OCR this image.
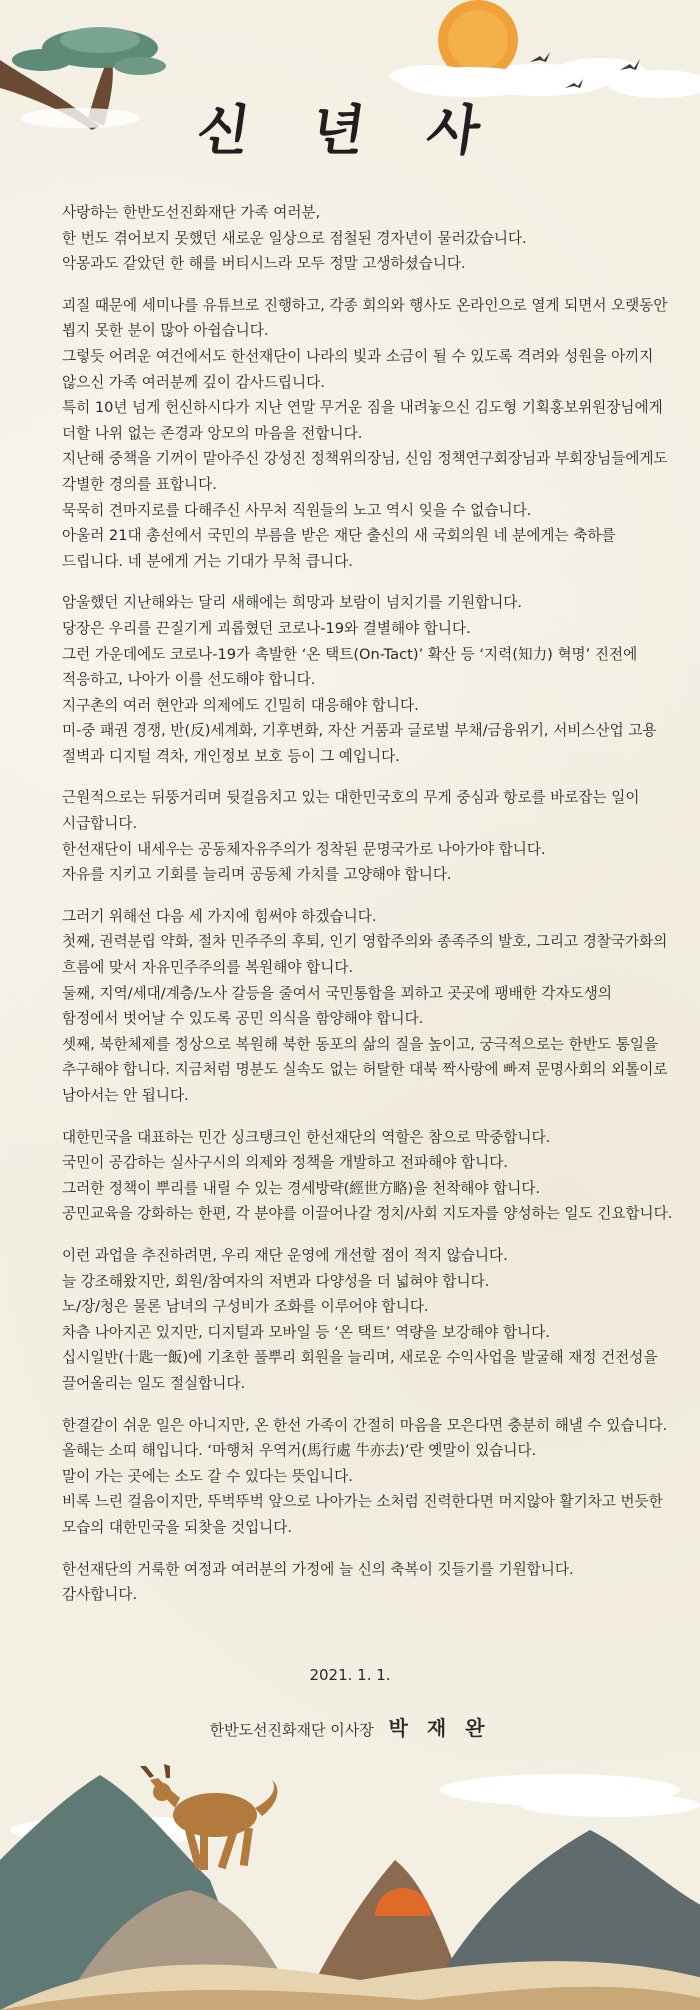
신 년 사

사랑하는 한반도선진화재단 가족 여러분,
한 번도 겪어보지 못했던 새로운 일상으로 점철된 경자년이 물러갔습니다.
악몽과도 같았던 한 해를 버티시느라 모두 정말 고생하셨습니다.

괴질 때문에 세미나를 유튜브로 진행하고, 각종 회의와 행사도 온라인으로 열게 되면서 오랫동안
뵙지 못한 분이 많아 아쉽습니다.
그렇듯 어려운 여건에서도 한선재단이 나라의 빛과 소금이 될 수 있도록 격려와 성원을 아끼지
않으신 가족 여러분께 깊이 감사드립니다.
특히 10년 넘게 헌신하시다가 지난 연말 무거운 짐을 내려놓으신 김도형 기획홍보위원장님에게
더할 나위 없는 존경과 앙모의 마음을 전합니다.
지난해 중책을 기꺼이 맡아주신 강성진 정책위의장님, 신임 정책연구회장님과 부회장님들에게도
각별한 경의를 표합니다.
묵묵히 견마지로를 다해주신 사무처 직원들의 노고 역시 잊을 수 없습니다.
아울러 21대 총선에서 국민의 부름을 받은 재단 출신의 새 국회의원 네 분에게는 축하를
드립니다. 네 분에게 거는 기대가 무척 큽니다.

암울했던 지난해와는 달리 새해에는 희망과 보람이 넘치기를 기원합니다.
당장은 우리를 끈질기게 괴롭혔던 코로나-19와 결별해야 합니다.
그런 가운데에도 코로나-19가 촉발한 ‘온 택트(On-Tact)’ 확산 등 ‘지력(知力) 혁명’ 진전에
적응하고, 나아가 이를 선도해야 합니다.
지구촌의 여러 현안과 의제에도 긴밀히 대응해야 합니다.
미-중 패권 경쟁, 반(反)세계화, 기후변화, 자산 거품과 글로벌 부채/금융위기, 서비스산업 고용
절벽과 디지털 격차, 개인정보 보호 등이 그 예입니다.

근원적으로는 뒤뚱거리며 뒷걸음치고 있는 대한민국호의 무게 중심과 항로를 바로잡는 일이
시급합니다.
한선재단이 내세우는 공동체자유주의가 정착된 문명국가로 나아가야 합니다.
자유를 지키고 기회를 늘리며 공동체 가치를 고양해야 합니다.

그러기 위해선 다음 세 가지에 힘써야 하겠습니다.
첫째, 권력분립 약화, 절차 민주주의 후퇴, 인기 영합주의와 종족주의 발호, 그리고 경찰국가화의
흐름에 맞서 자유민주주의를 복원해야 합니다.
둘째, 지역/세대/계층/노사 갈등을 줄여서 국민통합을 꾀하고 곳곳에 팽배한 각자도생의
함정에서 벗어날 수 있도록 공민 의식을 함양해야 합니다.
셋째, 북한체제를 정상으로 복원해 북한 동포의 삶의 질을 높이고, 궁극적으로는 한반도 통일을
추구해야 합니다. 지금처럼 명분도 실속도 없는 허탈한 대북 짝사랑에 빠져 문명사회의 외톨이로
남아서는 안 됩니다.

대한민국을 대표하는 민간 싱크탱크인 한선재단의 역할은 참으로 막중합니다.
국민이 공감하는 실사구시의 의제와 정책을 개발하고 전파해야 합니다.
그러한 정책이 뿌리를 내릴 수 있는 경세방략(經世方略)을 천착해야 합니다.
공민교육을 강화하는 한편, 각 분야를 이끌어나갈 정치/사회 지도자를 양성하는 일도 긴요합니다.

이런 과업을 추진하려면, 우리 재단 운영에 개선할 점이 적지 않습니다.
늘 강조해왔지만, 회원/참여자의 저변과 다양성을 더 넓혀야 합니다.
노/장/청은 물론 남녀의 구성비가 조화를 이루어야 합니다.
차츰 나아지곤 있지만, 디지털과 모바일 등 ‘온 택트’ 역량을 보강해야 합니다.
십시일반(十匙一飯)에 기초한 풀뿌리 회원을 늘리며, 새로운 수익사업을 발굴해 재정 건전성을
끌어올리는 일도 절실합니다.

한결같이 쉬운 일은 아니지만, 온 한선 가족이 간절히 마음을 모은다면 충분히 해낼 수 있습니다.
올해는 소띠 해입니다. ‘마행처 우역거(馬行處 牛亦去)’란 옛말이 있습니다.
말이 가는 곳에는 소도 갈 수 있다는 뜻입니다.
비록 느린 걸음이지만, 뚜벅뚜벅 앞으로 나아가는 소처럼 진력한다면 머지않아 활기차고 번듯한
모습의 대한민국을 되찾을 것입니다.

한선재단의 거룩한 여정과 여러분의 가정에 늘 신의 축복이 깃들기를 기원합니다.
감사합니다.

2021. 1. 1.
한반도선진화재단 이사장 박 재 완
